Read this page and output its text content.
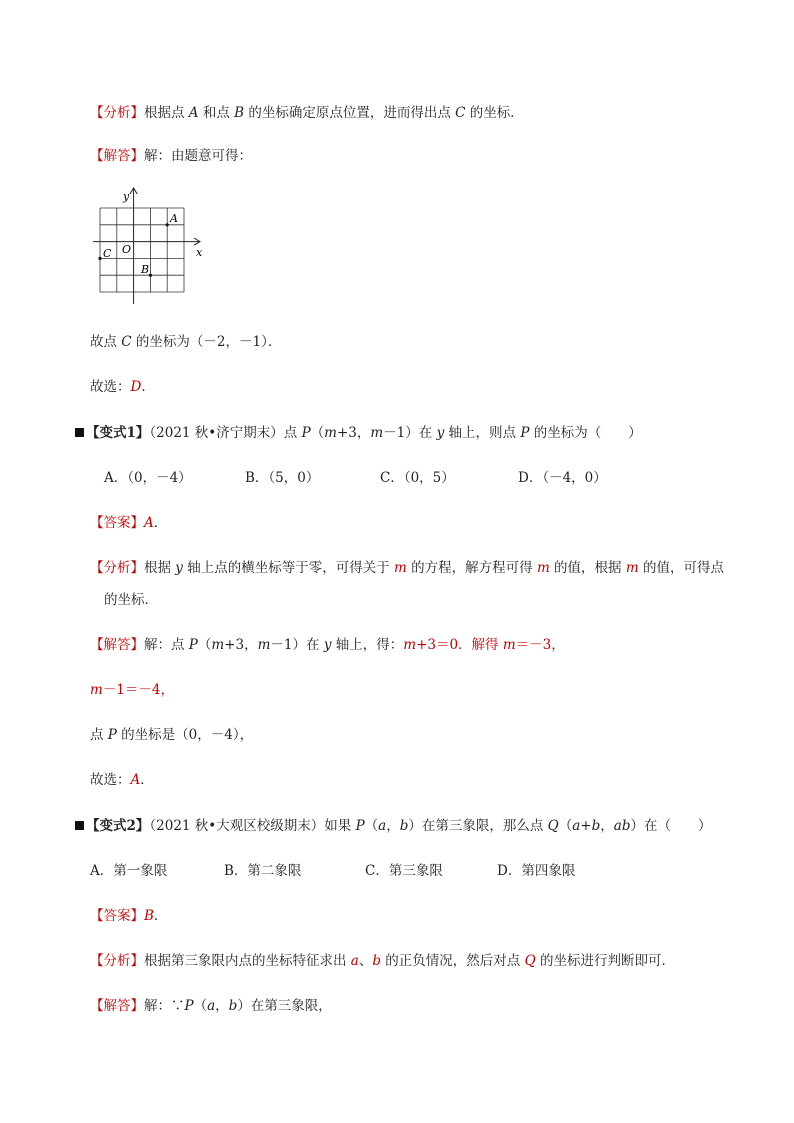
【分析】根据点 A 和点 B 的坐标确定原点位置，进而得出点 C 的坐标．
【解答】解：由题意可得：
y
x
O
A
B
C
故点 C 的坐标为（－2，－1）．
故选：D．
【变式1】（2021 秋•济宁期末）点 P（m+3，m－1）在 y 轴上，则点 P 的坐标为（　　）
A．（0，－4）	B．（5，0）	C．（0，5）	D．（－4，0）
【答案】A．
【分析】根据 y 轴上点的横坐标等于零，可得关于 m 的方程，解方程可得 m 的值，根据 m 的值，可得点
的坐标．
【解答】解：点 P（m+3，m－1）在 y 轴上，得：m+3＝0．解得 m＝－3，
m－1＝－4，
点 P 的坐标是（0，－4），
故选：A．
【变式2】（2021 秋•大观区校级期末）如果 P（a，b）在第三象限，那么点 Q（a+b，ab）在（　　）
A．第一象限	B．第二象限	C．第三象限	D．第四象限
【答案】B．
【分析】根据第三象限内点的坐标特征求出 a、b 的正负情况，然后对点 Q 的坐标进行判断即可．
【解答】解：∵P（a，b）在第三象限，
